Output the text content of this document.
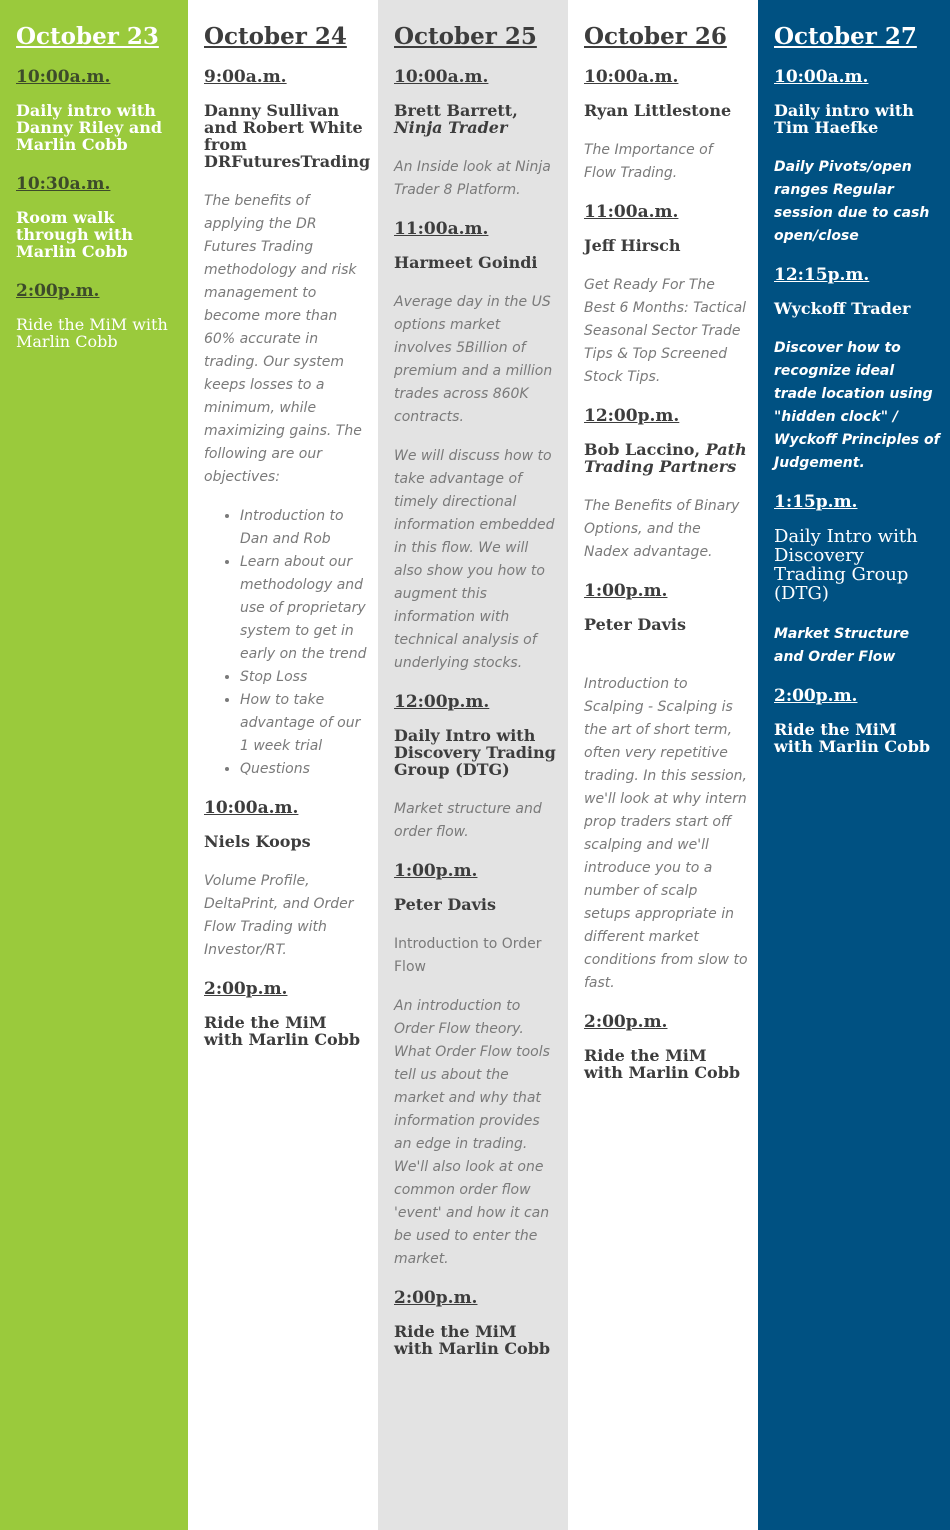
October 23
10:00a.m.
Daily intro with Danny Riley and Marlin Cobb
10:30a.m.
Room walk through with Marlin Cobb
2:00p.m.
Ride the MiM with Marlin Cobb
October 24
9:00a.m.
Danny Sullivan and Robert White from DRFuturesTrading
The benefits of applying the DR Futures Trading methodology and risk management to become more than 60% accurate in trading. Our system keeps losses to a minimum, while maximizing gains. The following are our objectives:
• Introduction to Dan and Rob
• Learn about our methodology and use of proprietary system to get in early on the trend
• Stop Loss
• How to take advantage of our 1 week trial
• Questions
10:00a.m.
Niels Koops
Volume Profile, DeltaPrint, and Order Flow Trading with Investor/RT.
2:00p.m.
Ride the MiM with Marlin Cobb
October 25
10:00a.m.
Brett Barrett, Ninja Trader
An Inside look at Ninja Trader 8 Platform.
11:00a.m.
Harmeet Goindi
Average day in the US options market involves 5Billion of premium and a million trades across 860K contracts.
We will discuss how to take advantage of timely directional information embedded in this flow. We will also show you how to augment this information with technical analysis of underlying stocks.
12:00p.m.
Daily Intro with Discovery Trading Group (DTG)
Market structure and order flow.
1:00p.m.
Peter Davis
Introduction to Order Flow
An introduction to Order Flow theory. What Order Flow tools tell us about the market and why that information provides an edge in trading. We'll also look at one common order flow 'event' and how it can be used to enter the market.
2:00p.m.
Ride the MiM with Marlin Cobb
October 26
10:00a.m.
Ryan Littlestone
The Importance of Flow Trading.
11:00a.m.
Jeff Hirsch
Get Ready For The Best 6 Months: Tactical Seasonal Sector Trade Tips & Top Screened Stock Tips.
12:00p.m.
Bob Laccino, Path Trading Partners
The Benefits of Binary Options, and the Nadex advantage.
1:00p.m.
Peter Davis
Introduction to Scalping - Scalping is the art of short term, often very repetitive trading. In this session, we'll look at why intern prop traders start off scalping and we'll introduce you to a number of scalp setups appropriate in different market conditions from slow to fast.
2:00p.m.
Ride the MiM with Marlin Cobb
October 27
10:00a.m.
Daily intro with Tim Haefke
Daily Pivots/open ranges Regular session due to cash open/close
12:15p.m.
Wyckoff Trader
Discover how to recognize ideal trade location using "hidden clock" / Wyckoff Principles of Judgement.
1:15p.m.
Daily Intro with Discovery Trading Group (DTG)
Market Structure and Order Flow
2:00p.m.
Ride the MiM with Marlin Cobb
